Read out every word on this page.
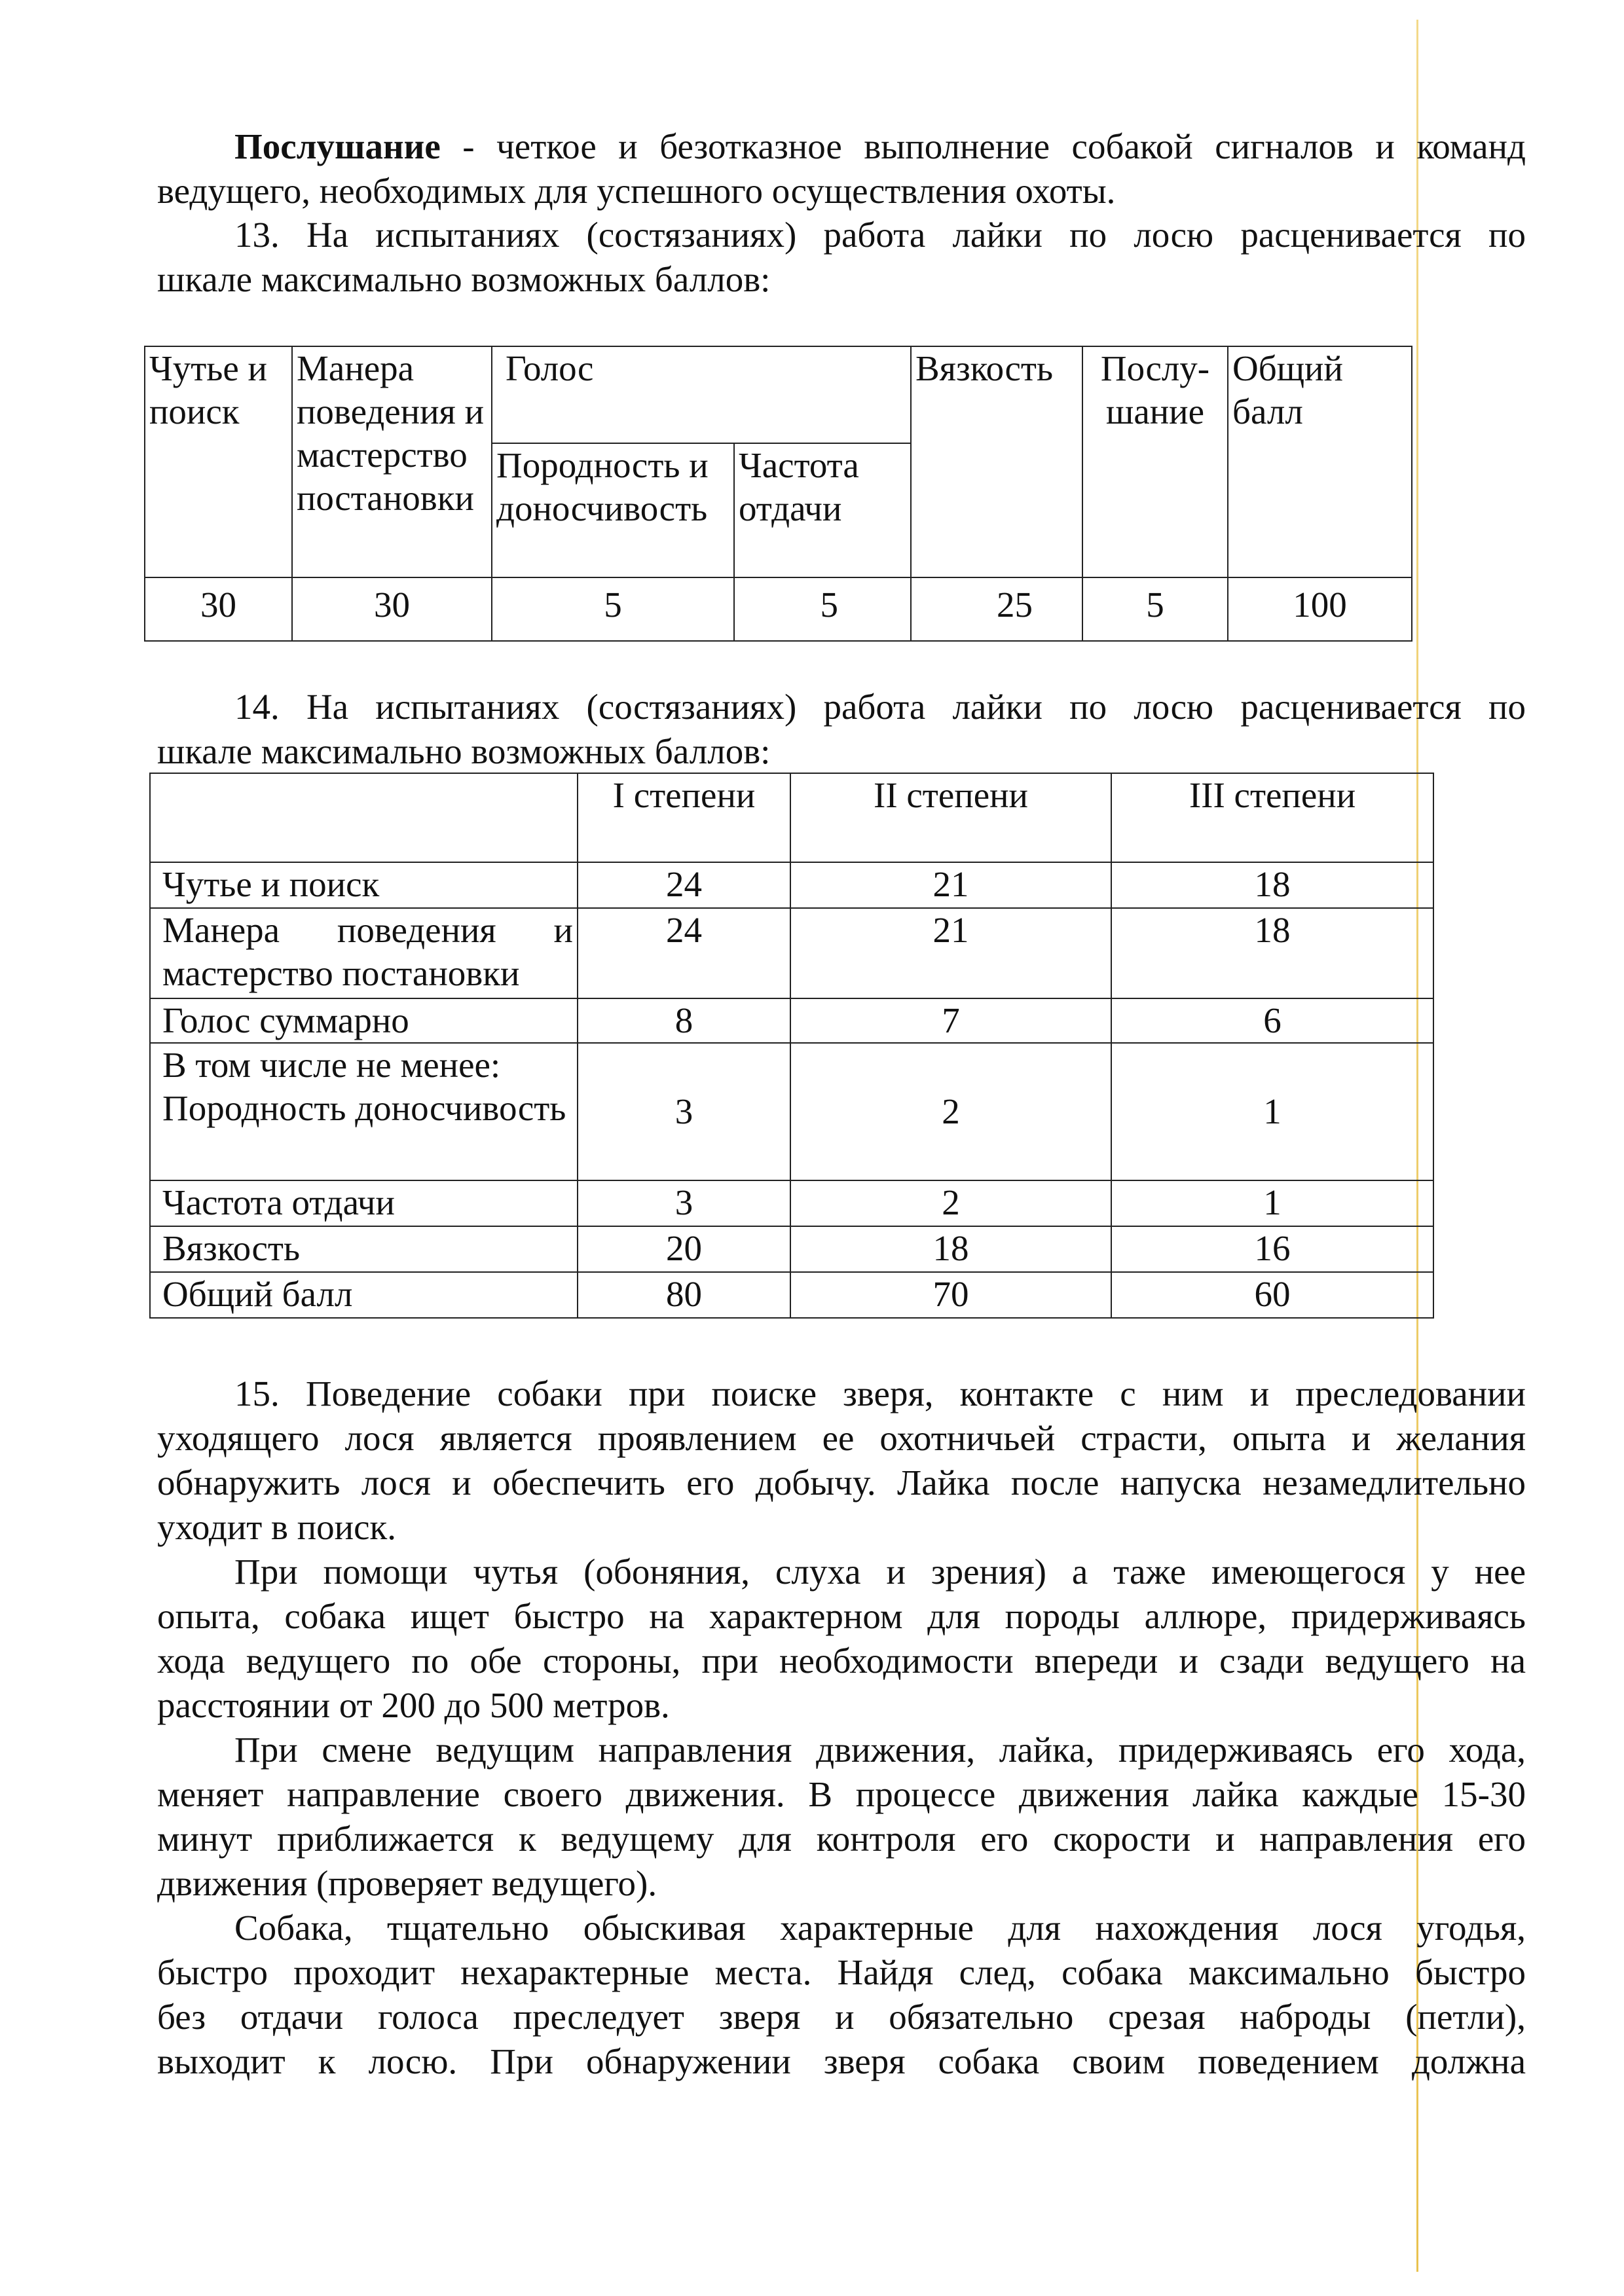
Послушание - четкое и безотказное выполнение собакой сигналов и команд
ведущего, необходимых для успешного осуществления охоты.
13. На испытаниях (состязаниях) работа лайки по лосю расценивается по
шкале максимально возможных баллов:
Чутье и поиск	Манера поведения и мастерство постановки	Голос		Вязкость	Послу-шание	Общий балл
		Породность и доносчивость	Частота отдачи			
30	30	5	5	25	5	100
14. На испытаниях (состязаниях) работа лайки по лосю расценивается по
шкале максимально возможных баллов:
	I степени	II степени	III степени
Чутье и поиск	24	21	18
Манера поведения и мастерство постановки	24	21	18
Голос суммарно	8	7	6
В том числе не менее: Породность доносчивость	3	2	1
Частота отдачи	3	2	1
Вязкость	20	18	16
Общий балл	80	70	60
15. Поведение собаки при поиске зверя, контакте с ним и преследовании
уходящего лося является проявлением ее охотничьей страсти, опыта и желания
обнаружить лося и обеспечить его добычу. Лайка после напуска незамедлительно
уходит в поиск.
При помощи чутья (обоняния, слуха и зрения) а таже имеющегося у нее
опыта, собака ищет быстро на характерном для породы аллюре, придерживаясь
хода ведущего по обе стороны, при необходимости впереди и сзади ведущего на
расстоянии от 200 до 500 метров.
При смене ведущим направления движения, лайка, придерживаясь его хода,
меняет направление своего движения. В процессе движения лайка каждые 15-30
минут приближается к ведущему для контроля его скорости и направления его
движения (проверяет ведущего).
Собака, тщательно обыскивая характерные для нахождения лося угодья,
быстро проходит нехарактерные места. Найдя след, собака максимально быстро
без отдачи голоса преследует зверя и обязательно срезая наброды (петли),
выходит к лосю. При обнаружении зверя собака своим поведением должна
